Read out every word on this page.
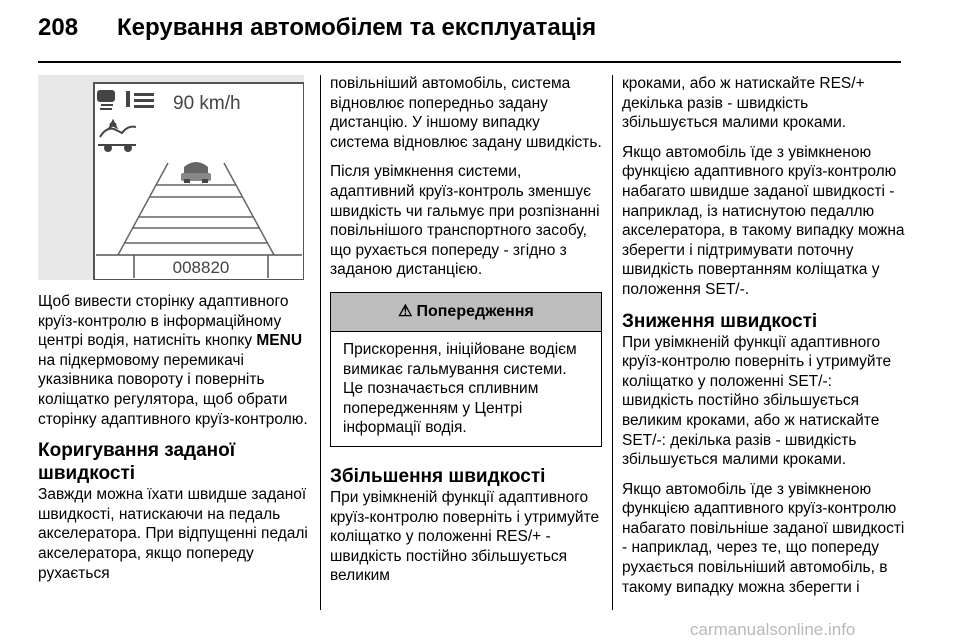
208 Керування автомобілем та експлуатація
90 km/h
008820

Щоб вивести сторінку адаптивного круїз-контролю в інформаційному центрі водія, натисніть кнопку MENU на підкермовому перемикачі указівника повороту і поверніть коліщатко регулятора, щоб обрати сторінку адаптивного круїз-контролю.

Коригування заданої швидкості

Завжди можна їхати швидше заданої швидкості, натискаючи на педаль акселератора. При відпущенні педалі акселератора, якщо попереду рухається

повільніший автомобіль, система відновлює попередньо задану дистанцію. У іншому випадку система відновлює задану швидкість.

Після увімкнення системи, адаптивний круїз-контроль зменшує швидкість чи гальмує при розпізнанні повільнішого транспортного засобу, що рухається попереду - згідно з заданою дистанцією.

⚠ Попередження

Прискорення, ініційоване водієм вимикає гальмування системи. Це позначається спливним попередженням у Центрі інформації водія.

Збільшення швидкості

При увімкненій функції адаптивного круїз-контролю поверніть і утримуйте коліщатко у положенні RES/+ - швидкість постійно збільшується великим

кроками, або ж натискайте RES/+ декілька разів - швидкість збільшується малими кроками.

Якщо автомобіль їде з увімкненою функцією адаптивного круїз-контролю набагато швидше заданої швидкості - наприклад, із натиснутою педаллю акселератора, в такому випадку можна зберегти і підтримувати поточну швидкість повертанням коліщатка у положення SET/-.

Зниження швидкості

При увімкненій функції адаптивного круїз-контролю поверніть і утримуйте коліщатко у положенні SET/-: швидкість постійно збільшується великим кроками, або ж натискайте SET/-: декілька разів - швидкість збільшується малими кроками.

Якщо автомобіль їде з увімкненою функцією адаптивного круїз-контролю набагато повільніше заданої швидкості - наприклад, через те, що попереду рухається повільніший автомобіль, в такому випадку можна зберегти і

carmanualsonline.info
